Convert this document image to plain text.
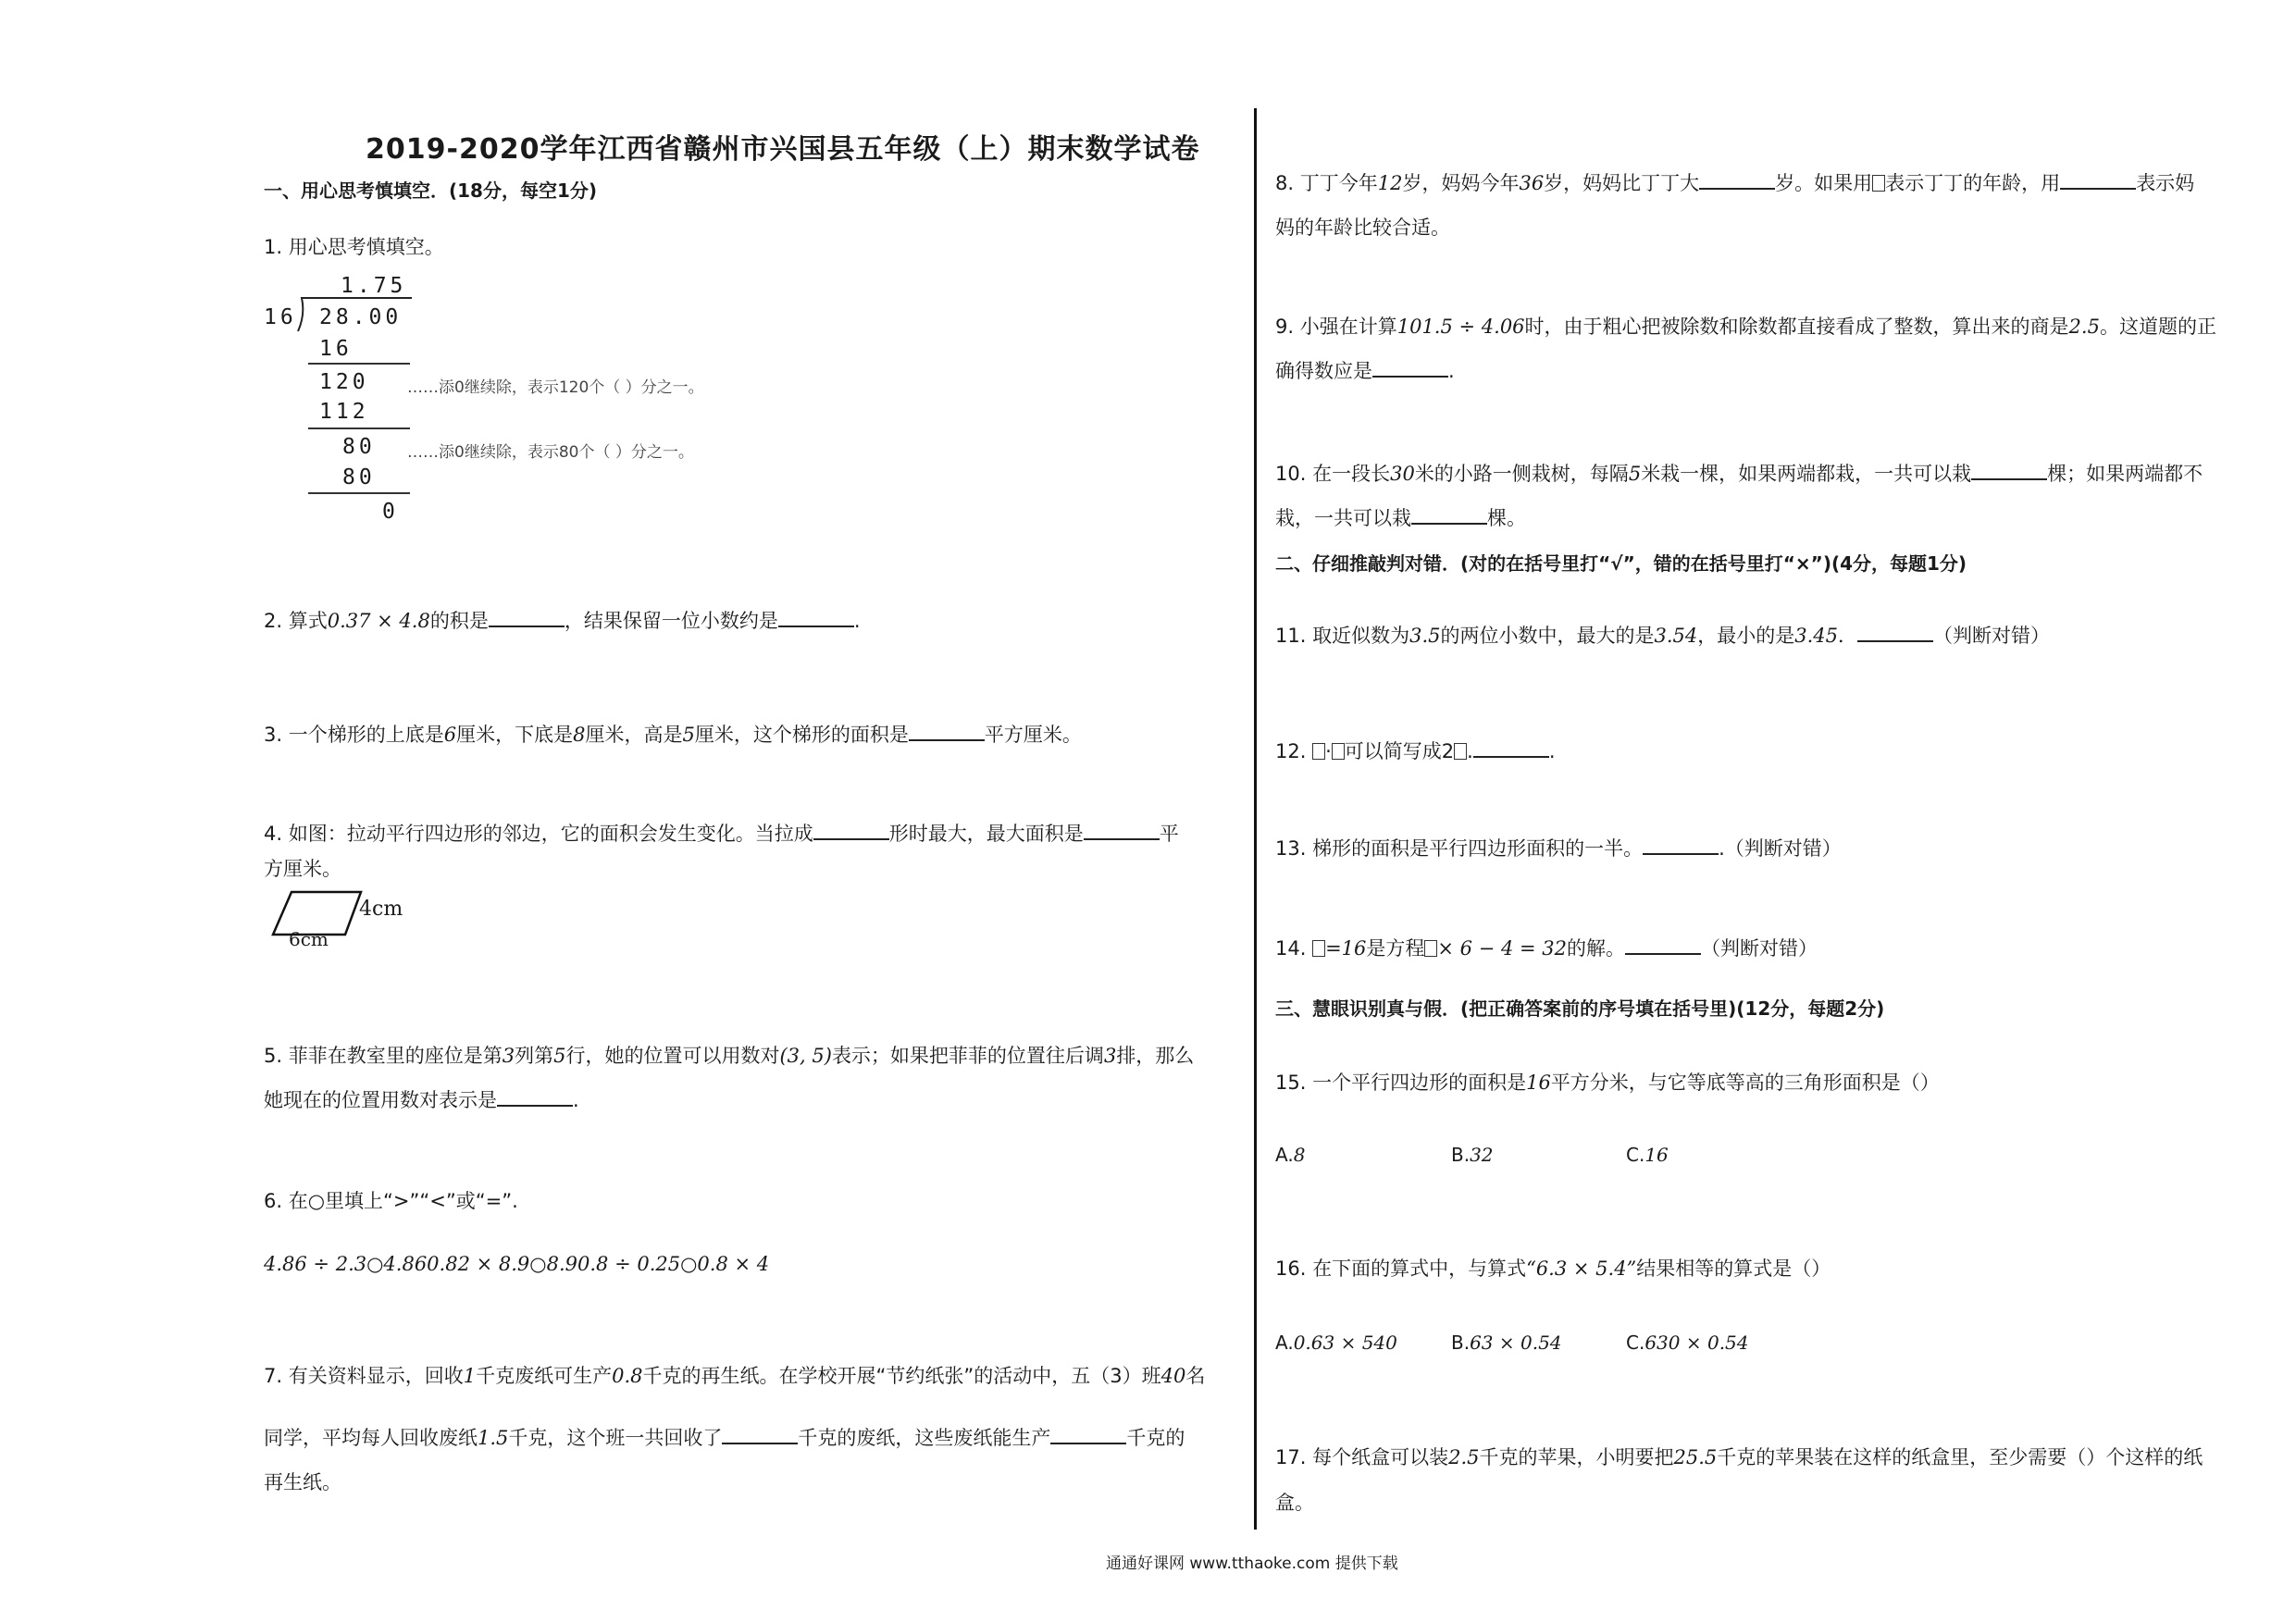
2019-2020学年江西省赣州市兴国县五年级（上）期末数学试卷
一、用心思考慎填空．(18分，每空1分)
1. 用心思考慎填空。
1.75
16 28.00
16
120 ……添0继续除，表示120个（ ）分之一。
112
80 ……添0继续除，表示80个（ ）分之一。
80
0
2. 算式0.37 × 4.8的积是	，结果保留一位小数约是	.
3. 一个梯形的上底是6厘米，下底是8厘米，高是5厘米，这个梯形的面积是	平方厘米。
4. 如图：拉动平行四边形的邻边，它的面积会发生变化。当拉成	形时最大，最大面积是	平
方厘米。
4cm
6cm
5. 菲菲在教室里的座位是第3列第5行，她的位置可以用数对(3, 5)表示；如果把菲菲的位置往后调3排，那么
她现在的位置用数对表示是	.
6. 在○里填上“>”“<”或“=”.
4.86 ÷ 2.3○4.860.82 × 8.9○8.90.8 ÷ 0.25○0.8 × 4
7. 有关资料显示，回收1千克废纸可生产0.8千克的再生纸。在学校开展“节约纸张”的活动中，五（3）班40名
同学，平均每人回收废纸1.5千克，这个班一共回收了	千克的废纸，这些废纸能生产	千克的
再生纸。
8. 丁丁今年12岁，妈妈今年36岁，妈妈比丁丁大	岁。如果用 表示丁丁的年龄，用	表示妈
妈的年龄比较合适。
9. 小强在计算101.5 ÷ 4.06时，由于粗心把被除数和除数都直接看成了整数，算出来的商是2.5。这道题的正
确得数应是	.
10. 在一段长30米的小路一侧栽树，每隔5米栽一棵，如果两端都栽，一共可以栽	棵；如果两端都不
栽，一共可以栽	棵。
二、仔细推敲判对错．(对的在括号里打“√”，错的在括号里打“×”)(4分，每题1分)
11. 取近似数为3.5的两位小数中，最大的是3.54，最小的是3.45．	（判断对错）
12. · 可以简写成2 .	.
13. 梯形的面积是平行四边形面积的一半。	.（判断对错）
14. =16是方程 × 6 − 4 = 32的解。	（判断对错）
三、慧眼识别真与假．(把正确答案前的序号填在括号里)(12分，每题2分)
15. 一个平行四边形的面积是16平方分米，与它等底等高的三角形面积是（）
A.8	B.32	C.16
16. 在下面的算式中，与算式“6.3 × 5.4”结果相等的算式是（）
A.0.63 × 540	B.63 × 0.54	C.630 × 0.54
17. 每个纸盒可以装2.5千克的苹果，小明要把25.5千克的苹果装在这样的纸盒里，至少需要（）个这样的纸
盒。
通通好课网 www.tthaoke.com 提供下载
